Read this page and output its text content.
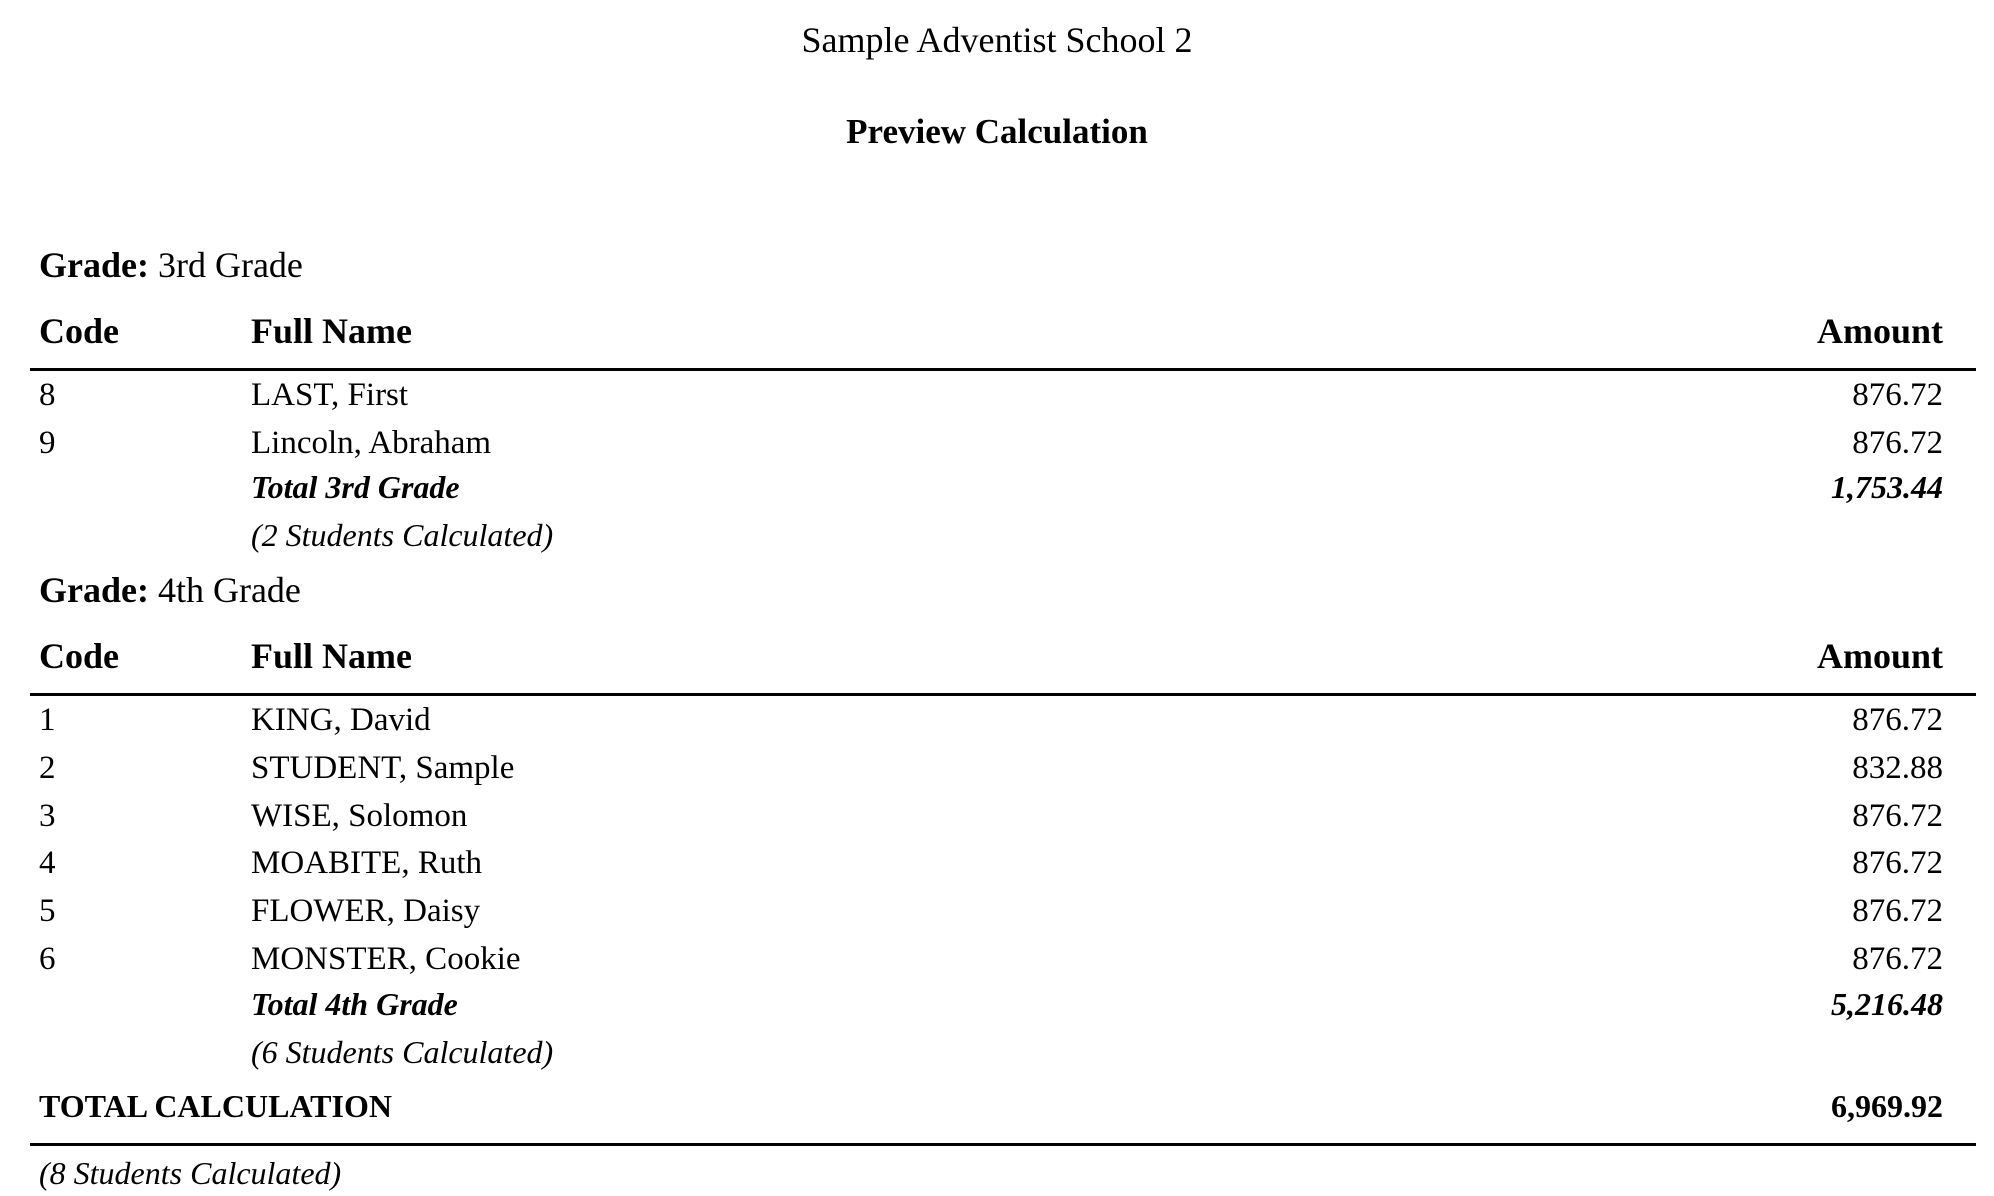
Sample Adventist School 2
Preview Calculation
Grade: 3rd Grade
Code	Full Name	Amount
8	LAST, First	876.72
9	Lincoln, Abraham	876.72
Total 3rd Grade	1,753.44
(2 Students Calculated)
Grade: 4th Grade
Code	Full Name	Amount
1	KING, David	876.72
2	STUDENT, Sample	832.88
3	WISE, Solomon	876.72
4	MOABITE, Ruth	876.72
5	FLOWER, Daisy	876.72
6	MONSTER, Cookie	876.72
Total 4th Grade	5,216.48
(6 Students Calculated)
TOTAL CALCULATION	6,969.92
(8 Students Calculated)
